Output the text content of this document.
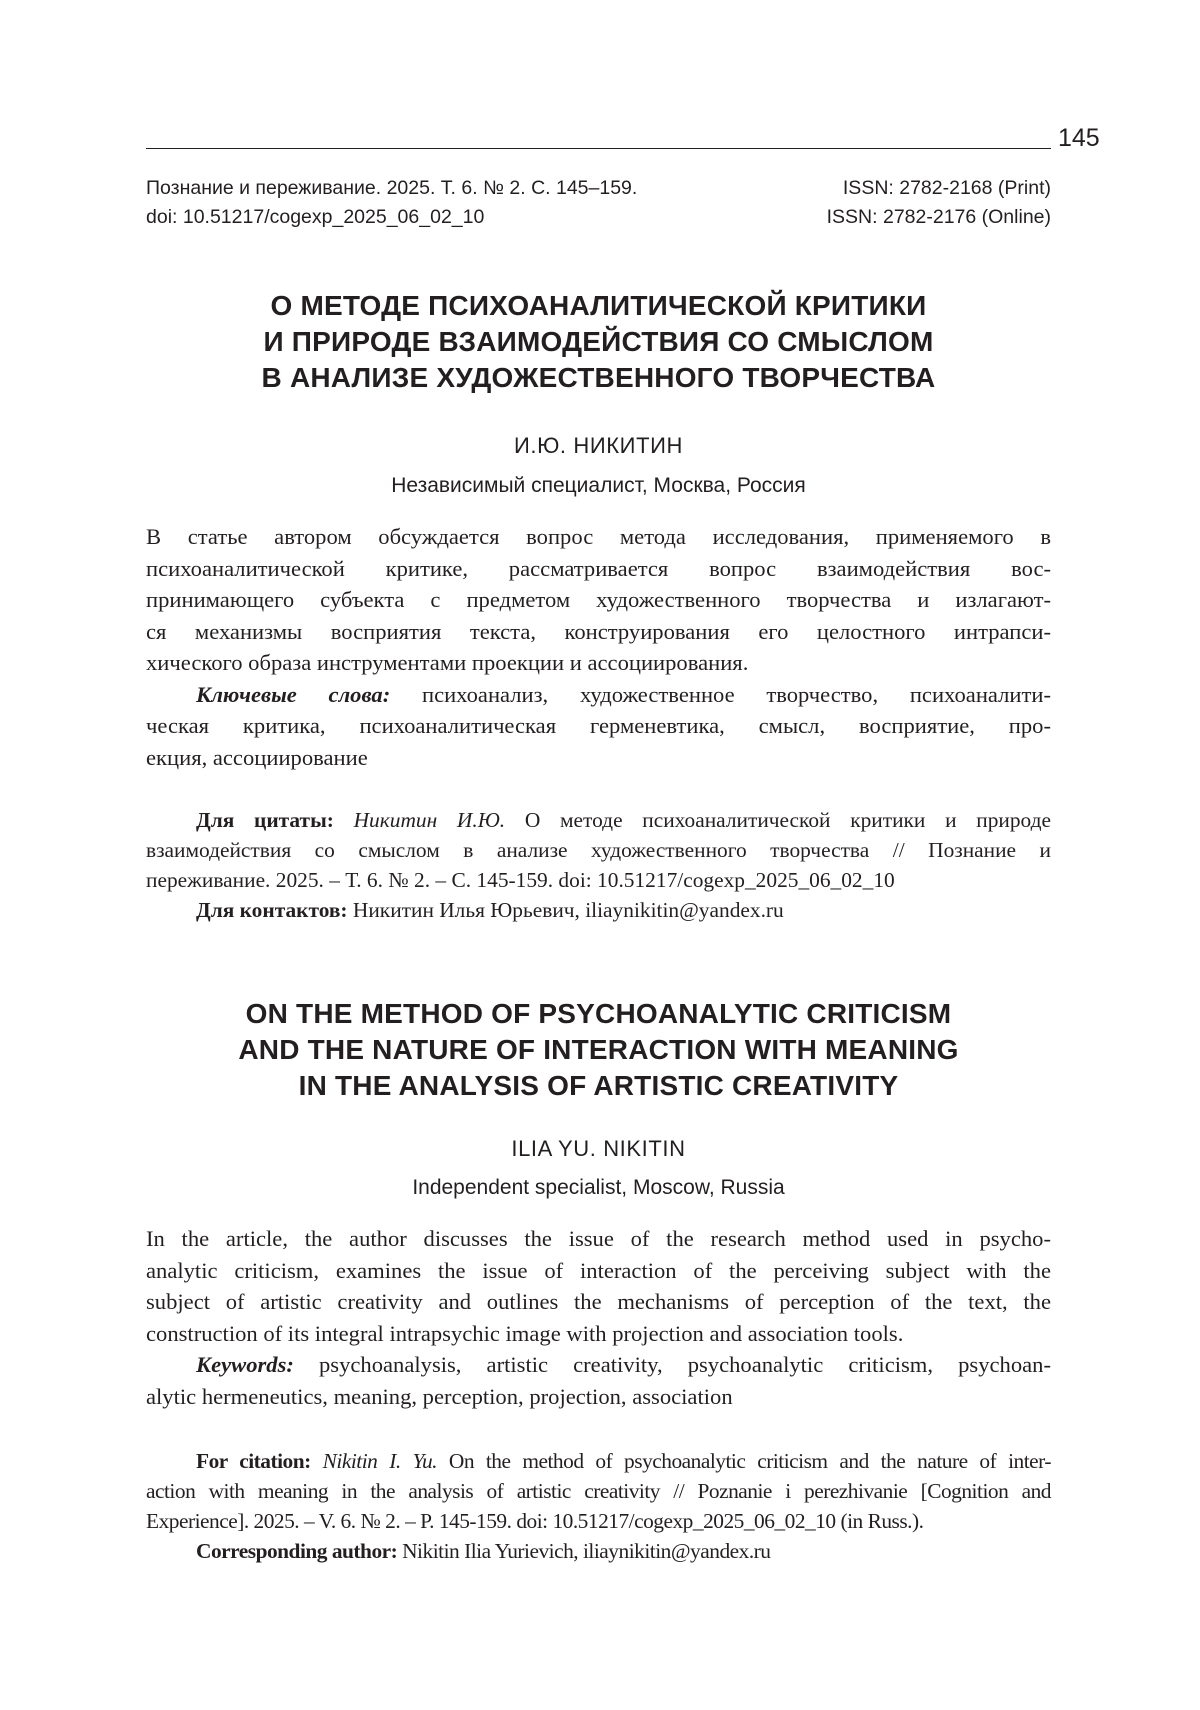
145
Познание и переживание. 2025. Т. 6. № 2. С. 145–159.	ISSN: 2782-2168 (Print)
doi: 10.51217/cogexp_2025_06_02_10	ISSN: 2782-2176 (Online)
О МЕТОДЕ ПСИХОАНАЛИТИЧЕСКОЙ КРИТИКИ
И ПРИРОДЕ ВЗАИМОДЕЙСТВИЯ СО СМЫСЛОМ
В АНАЛИЗЕ ХУДОЖЕСТВЕННОГО ТВОРЧЕСТВА
И.Ю. НИКИТИН
Независимый специалист, Москва, Россия
В статье автором обсуждается вопрос метода исследования, применяемого в
психоаналитической критике, рассматривается вопрос взаимодействия вос-
принимающего субъекта с предметом художественного творчества и излагают-
ся механизмы восприятия текста, конструирования его целостного интрапси-
хического образа инструментами проекции и ассоциирования.
Ключевые слова: психоанализ, художественное творчество, психоаналити-
ческая критика, психоаналитическая герменевтика, смысл, восприятие, про-
екция, ассоциирование
Для цитаты: Никитин И.Ю. О методе психоаналитической критики и природе
взаимодействия со смыслом в анализе художественного творчества // Познание и
переживание. 2025. – Т. 6. № 2. – С. 145-159. doi: 10.51217/cogexp_2025_06_02_10
Для контактов: Никитин Илья Юрьевич, iliaynikitin@yandex.ru
ON THE METHOD OF PSYCHOANALYTIC CRITICISM
AND THE NATURE OF INTERACTION WITH MEANING
IN THE ANALYSIS OF ARTISTIC CREATIVITY
ILIA YU. NIKITIN
Independent specialist, Moscow, Russia
In the article, the author discusses the issue of the research method used in psycho-
analytic criticism, examines the issue of interaction of the perceiving subject with the
subject of artistic creativity and outlines the mechanisms of perception of the text, the
construction of its integral intrapsychic image with projection and association tools.
Keywords: psychoanalysis, artistic creativity, psychoanalytic criticism, psychoan-
alytic hermeneutics, meaning, perception, projection, association
For citation: Nikitin I. Yu. On the method of psychoanalytic criticism and the nature of inter-
action with meaning in the analysis of artistic creativity // Poznanie i perezhivanie [Cognition and
Experience]. 2025. – V. 6. № 2. – P. 145-159. doi: 10.51217/cogexp_2025_06_02_10 (in Russ.).
Corresponding author: Nikitin Ilia Yurievich, iliaynikitin@yandex.ru
